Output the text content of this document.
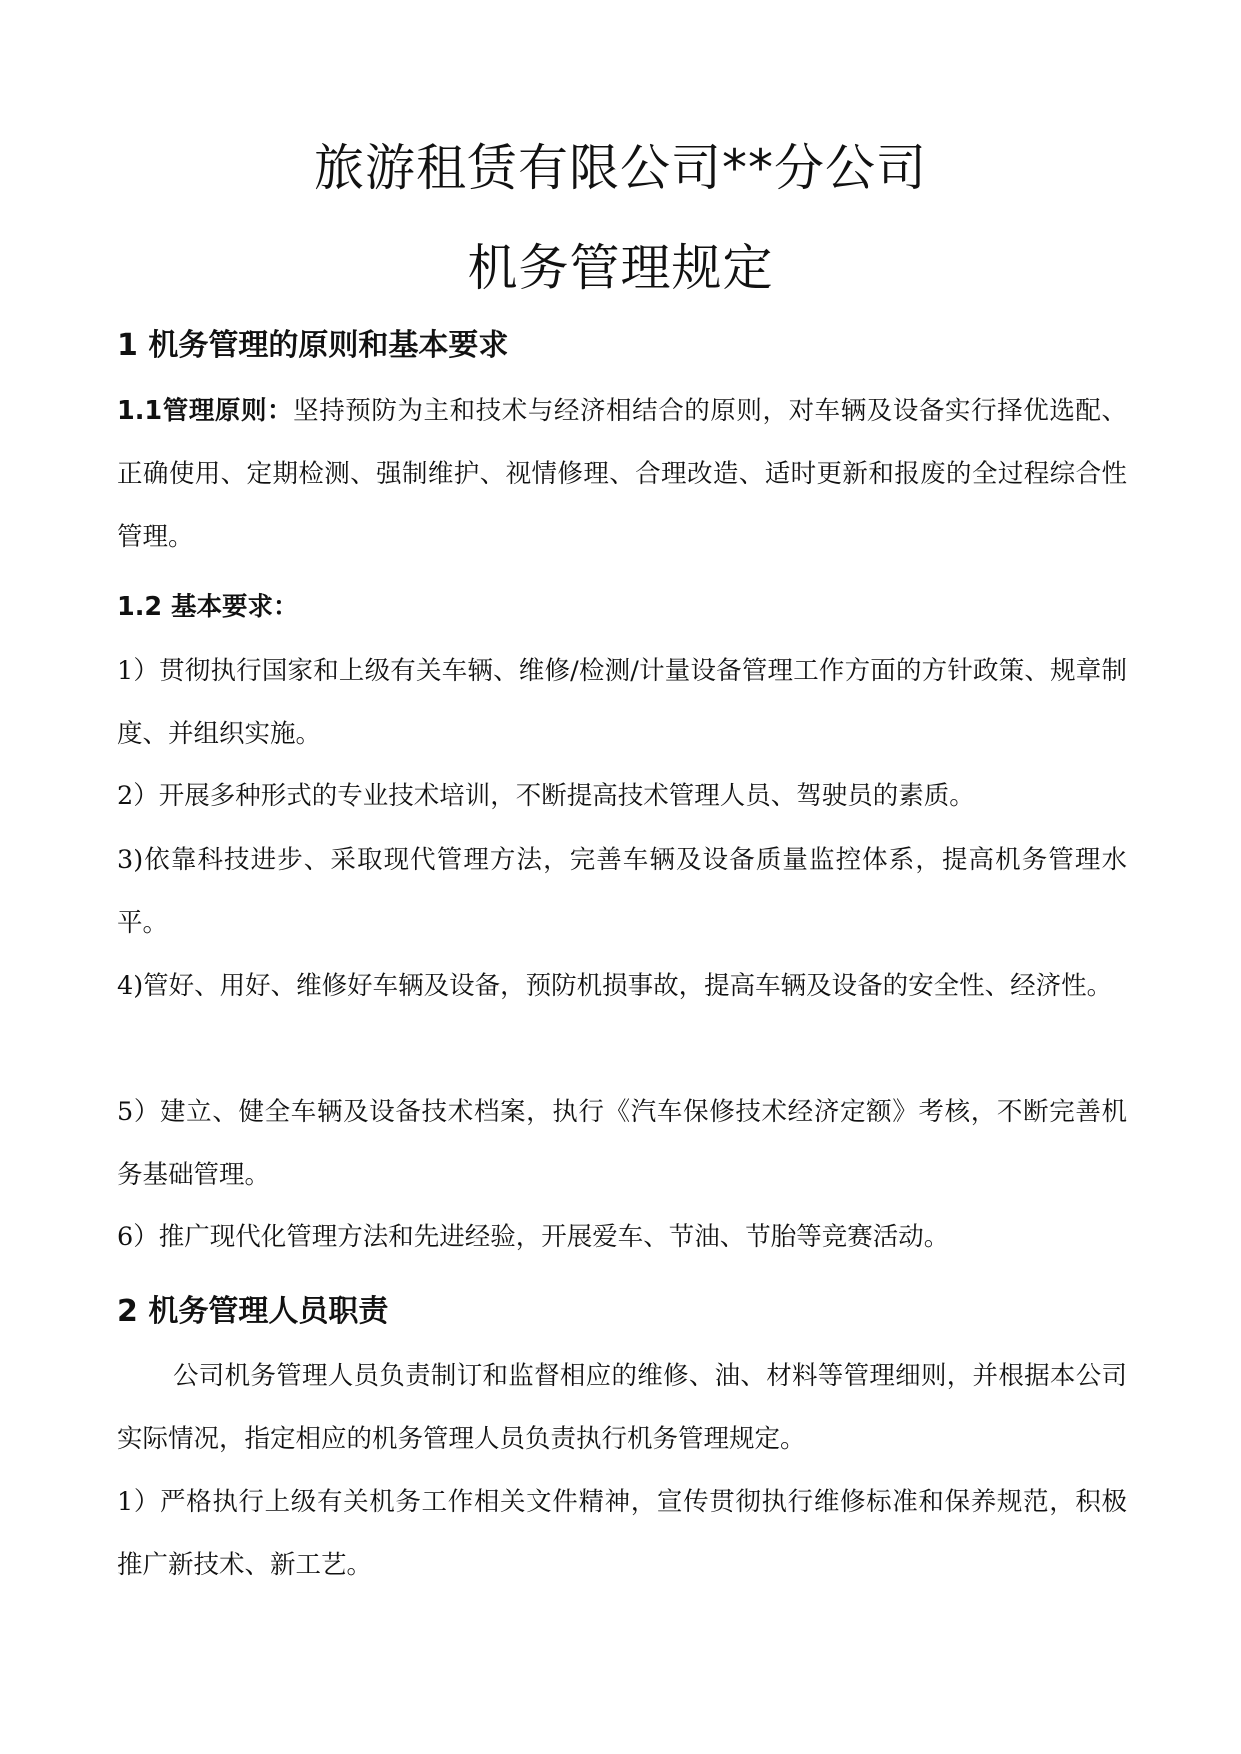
旅游租赁有限公司**分公司
机务管理规定
1 机务管理的原则和基本要求
1.1管理原则：坚持预防为主和技术与经济相结合的原则，对车辆及设备实行择优选配、正确使用、定期检测、强制维护、视情修理、合理改造、适时更新和报废的全过程综合性管理。
1.2 基本要求：
1）贯彻执行国家和上级有关车辆、维修/检测/计量设备管理工作方面的方针政策、规章制度、并组织实施。
2）开展多种形式的专业技术培训，不断提高技术管理人员、驾驶员的素质。
3)依靠科技进步、采取现代管理方法，完善车辆及设备质量监控体系，提高机务管理水平。
4)管好、用好、维修好车辆及设备，预防机损事故，提高车辆及设备的安全性、经济性。
5）建立、健全车辆及设备技术档案，执行《汽车保修技术经济定额》考核，不断完善机务基础管理。
6）推广现代化管理方法和先进经验，开展爱车、节油、节胎等竞赛活动。
2 机务管理人员职责
公司机务管理人员负责制订和监督相应的维修、油、材料等管理细则，并根据本公司实际情况，指定相应的机务管理人员负责执行机务管理规定。
1）严格执行上级有关机务工作相关文件精神，宣传贯彻执行维修标准和保养规范，积极推广新技术、新工艺。
